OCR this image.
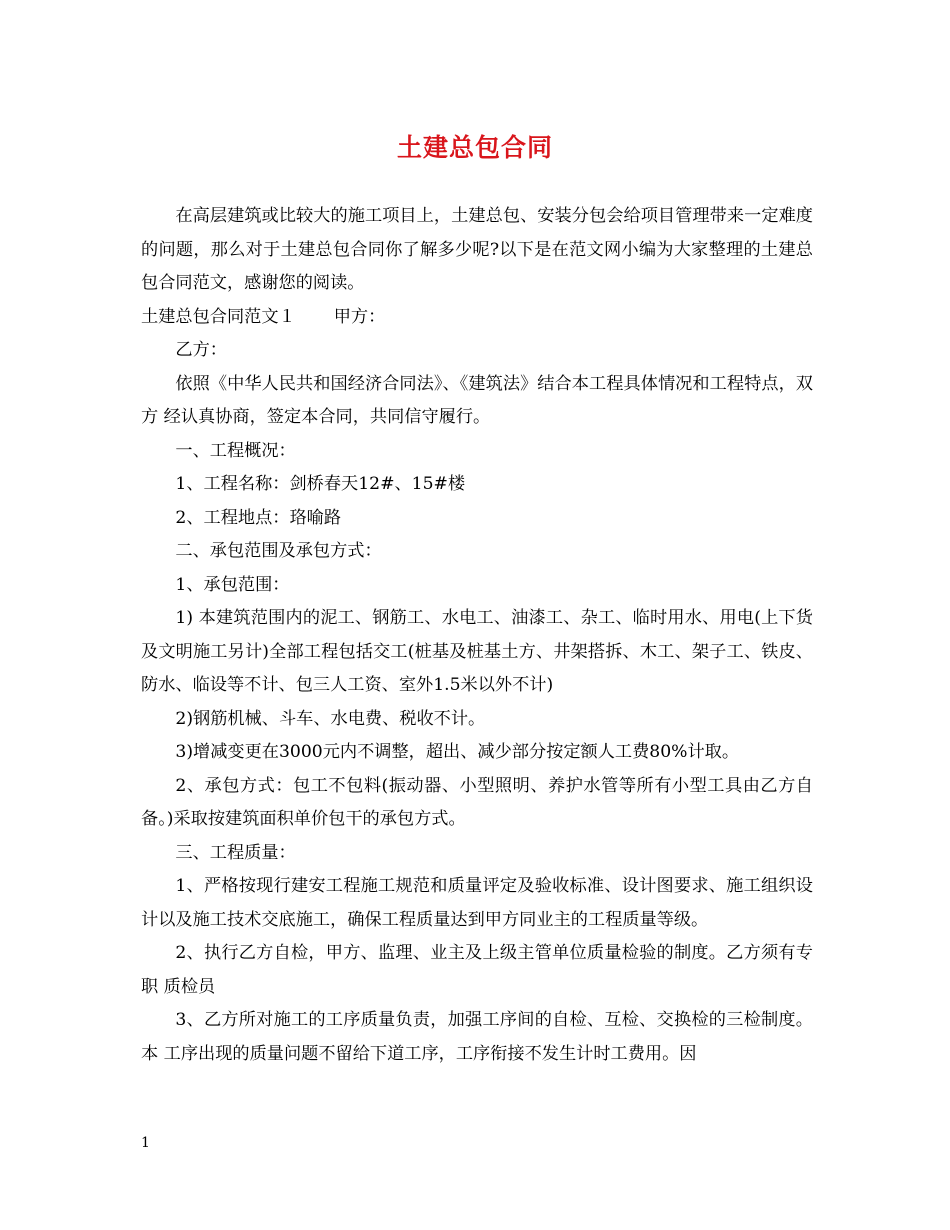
土建总包合同

在高层建筑或比较大的施工项目上，土建总包、安装分包会给项目管理带来一定难度的问题，那么对于土建总包合同你了解多少呢?以下是在范文网小编为大家整理的土建总包合同范文，感谢您的阅读。

土建总包合同范文１ 甲方：

乙方：

依照《中华人民共和国经济合同法》、《建筑法》结合本工程具体情况和工程特点，双方 经认真协商，签定本合同，共同信守履行。

一、工程概况：

1、工程名称：剑桥春天12#、15#楼

2、工程地点：珞喻路

二、承包范围及承包方式：

1、承包范围：

1) 本建筑范围内的泥工、钢筋工、水电工、油漆工、杂工、临时用水、用电(上下货及文明施工另计)全部工程包括交工(桩基及桩基土方、井架搭拆、木工、架子工、铁皮、防水、临设等不计、包三人工资、室外1.5米以外不计)

2)钢筋机械、斗车、水电费、税收不计。

3)增减变更在3000元内不调整，超出、减少部分按定额人工费80%计取。

2、承包方式：包工不包料(振动器、小型照明、养护水管等所有小型工具由乙方自备。)采取按建筑面积单价包干的承包方式。

三、工程质量：

1、严格按现行建安工程施工规范和质量评定及验收标准、设计图要求、施工组织设计以及施工技术交底施工，确保工程质量达到甲方同业主的工程质量等级。

2、执行乙方自检，甲方、监理、业主及上级主管单位质量检验的制度。乙方须有专职 质检员

3、乙方所对施工的工序质量负责，加强工序间的自检、互检、交换检的三检制度。本 工序出现的质量问题不留给下道工序，工序衔接不发生计时工费用。因

1
